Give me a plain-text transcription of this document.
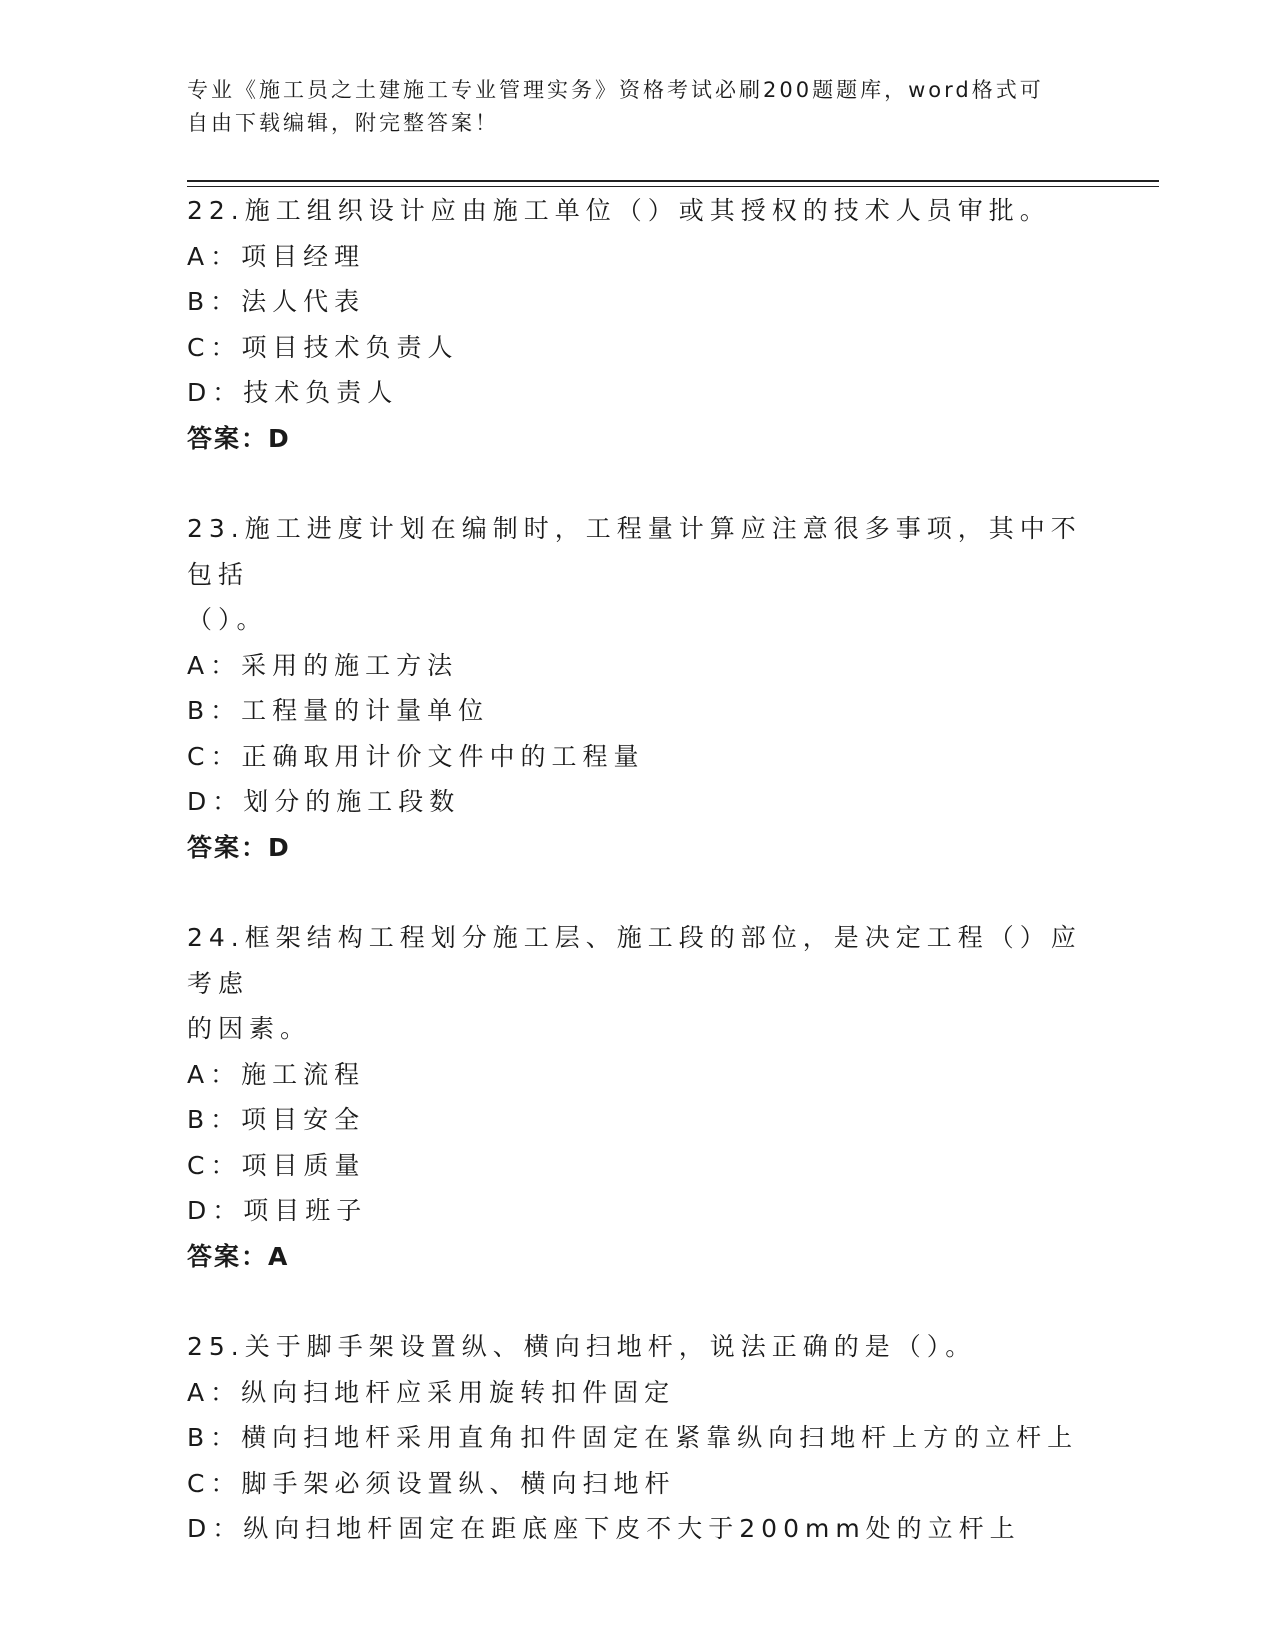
专业《施工员之土建施工专业管理实务》资格考试必刷200题题库，word格式可

自由下载编辑，附完整答案！

22.施工组织设计应由施工单位（）或其授权的技术人员审批。

A：项目经理

B：法人代表

C：项目技术负责人

D：技术负责人

答案：D

23.施工进度计划在编制时，工程量计算应注意很多事项，其中不包括

（）。

A：采用的施工方法

B：工程量的计量单位

C：正确取用计价文件中的工程量

D：划分的施工段数

答案：D

24.框架结构工程划分施工层、施工段的部位，是决定工程（）应考虑

的因素。

A：施工流程

B：项目安全

C：项目质量

D：项目班子

答案：A

25.关于脚手架设置纵、横向扫地杆，说法正确的是（）。

A：纵向扫地杆应采用旋转扣件固定

B：横向扫地杆采用直角扣件固定在紧靠纵向扫地杆上方的立杆上

C：脚手架必须设置纵、横向扫地杆

D：纵向扫地杆固定在距底座下皮不大于200mm处的立杆上
